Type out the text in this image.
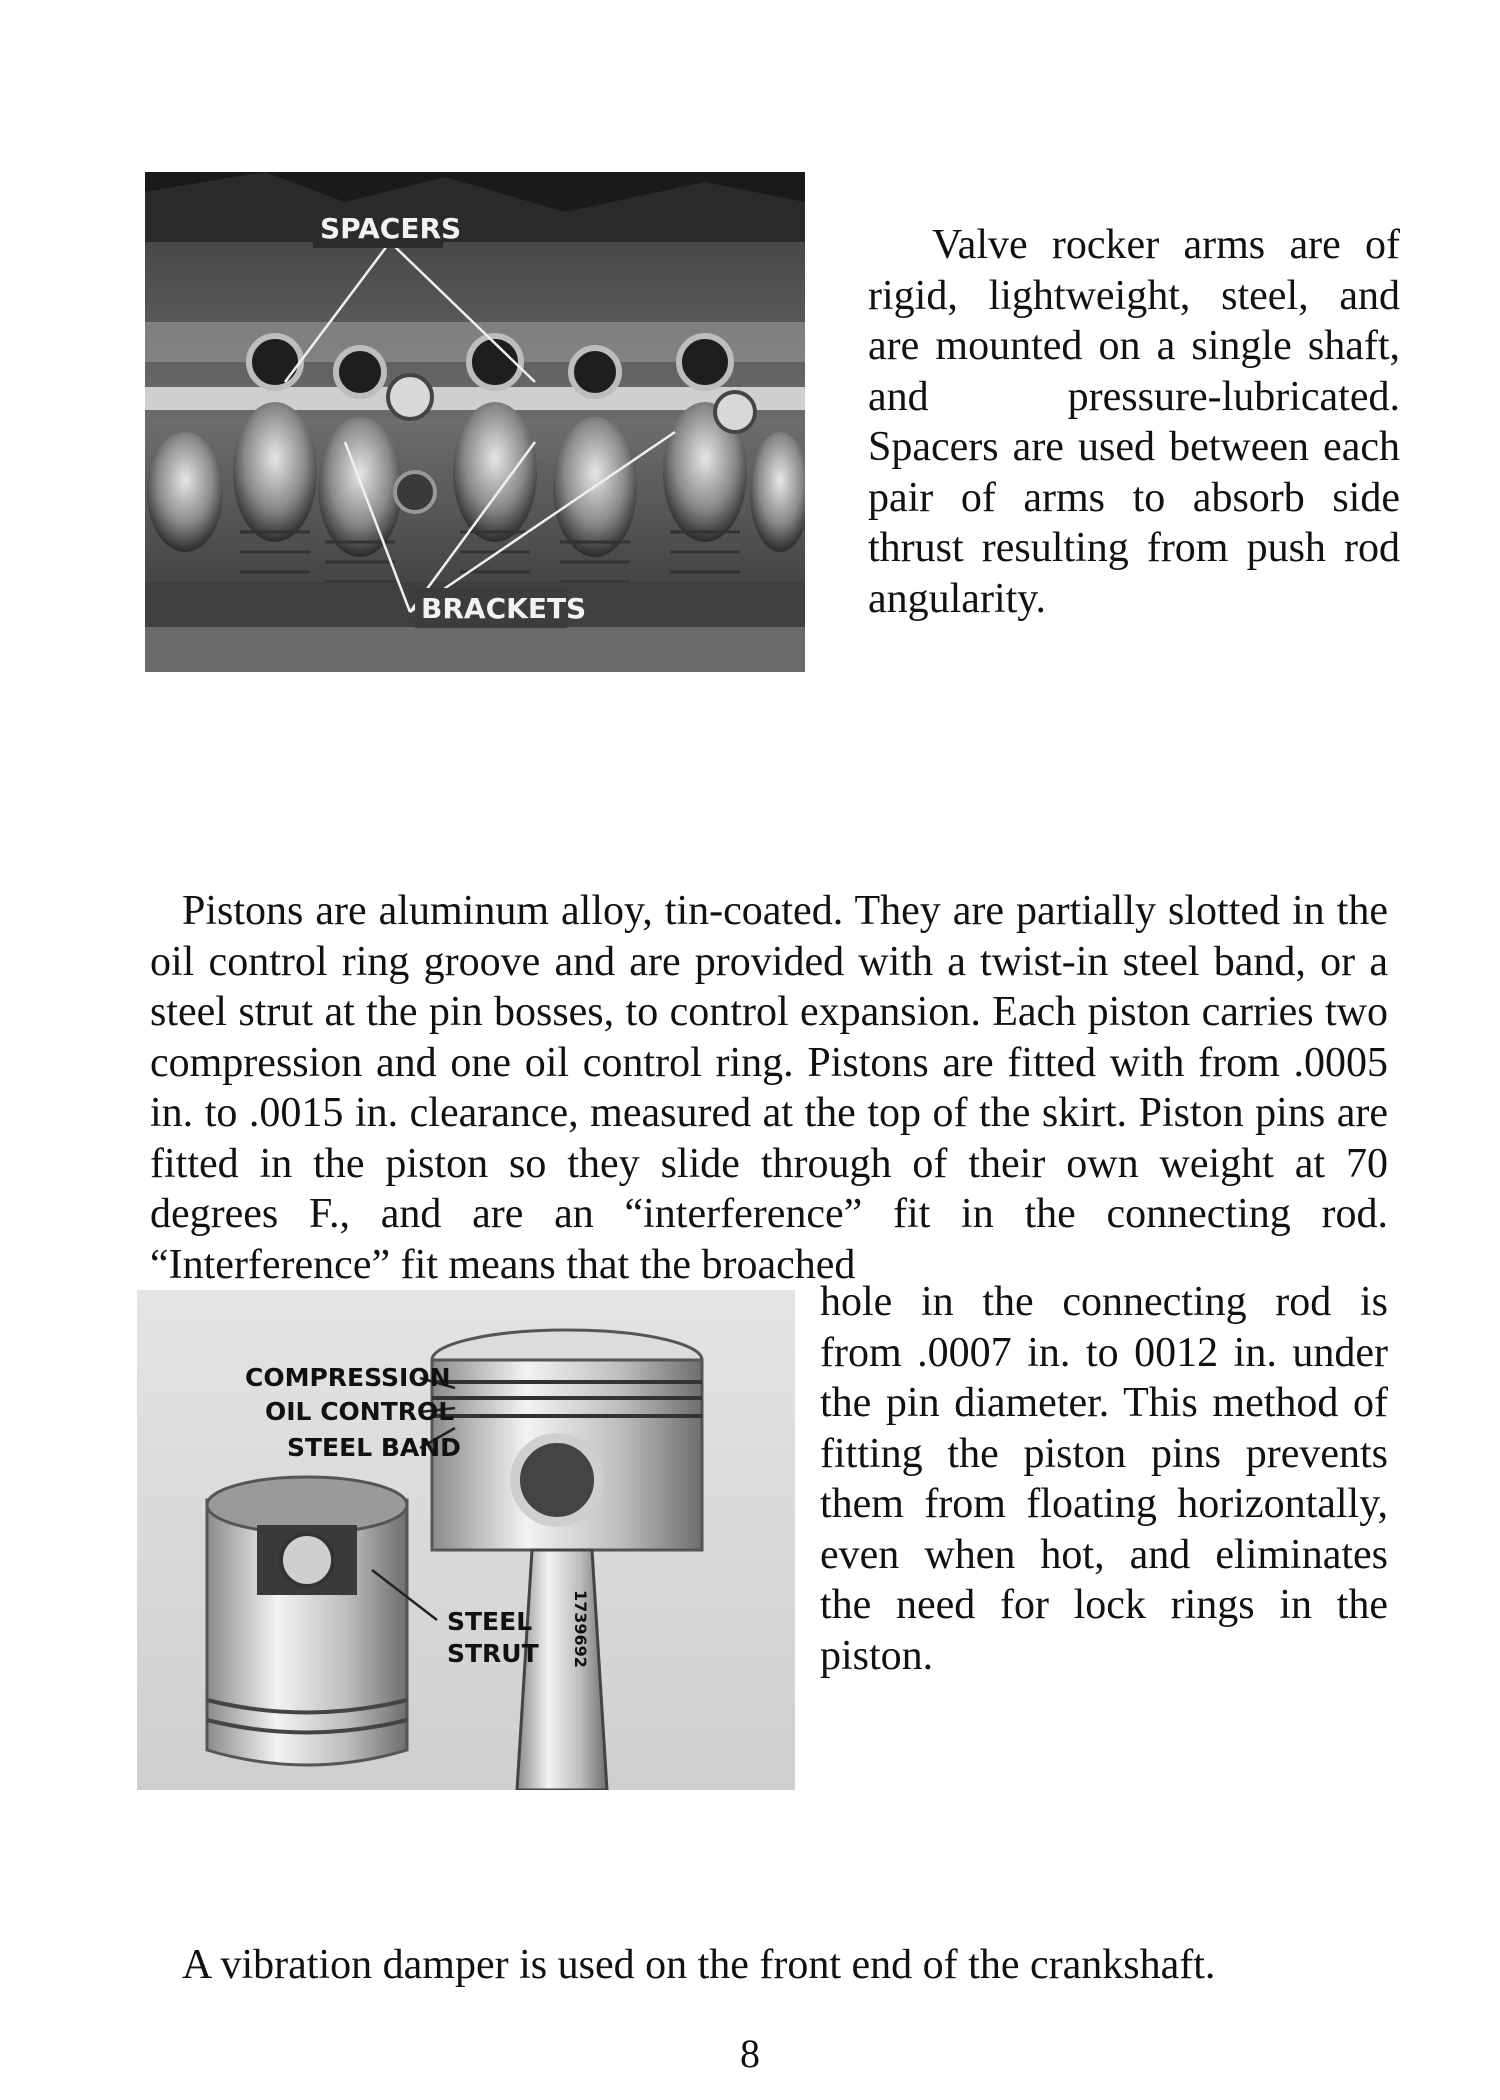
SPACERS
BRACKETS
Valve rocker arms are of rigid, lightweight, steel, and are mounted on a single shaft, and pressure-lubricated. Spacers are used between each pair of arms to absorb side thrust resulting from push rod angularity.
Pistons are aluminum alloy, tin-coated. They are partially slotted in the oil control ring groove and are provided with a twist-in steel band, or a steel strut at the pin bosses, to control expansion. Each piston carries two compression and one oil control ring. Pistons are fitted with from .0005 in. to .0015 in. clearance, measured at the top of the skirt. Piston pins are fitted in the piston so they slide through of their own weight at 70 degrees F., and are an “interference” fit in the connecting rod. “Interference” fit means that the broached
1739692
COMPRESSION
OIL CONTROL
STEEL BAND
STEEL
STRUT
hole in the connecting rod is from .0007 in. to 0012 in. under the pin diameter. This method of fitting the piston pins prevents them from floating horizontally, even when hot, and eliminates the need for lock rings in the piston.
A vibration damper is used on the front end of the crankshaft.
8
